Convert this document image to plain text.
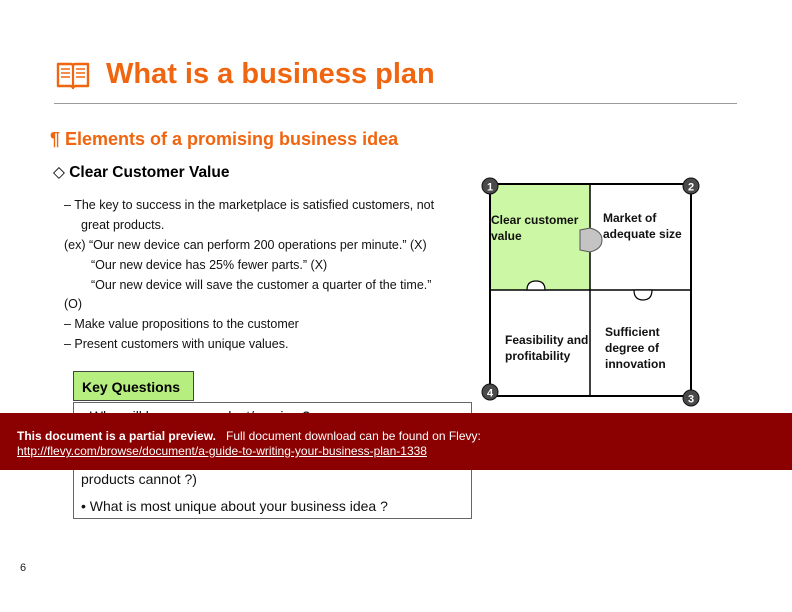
What is a business plan
¶ Elements of a promising business idea
◇ Clear Customer Value
– The key to success in the marketplace is satisfied customers, not
great products.
(ex) “Our new device can perform 200 operations per minute.” (X)
“Our new device has 25% fewer parts.” (X)
“Our new device will save the customer a quarter of the time.”
(O)
– Make value propositions to the customer
– Present customers with unique values.
products cannot ?)
• What is most unique about your business idea ?
Key Questions
1	2
3
4
Clear customer
value
Market of
adequate size
Sufficient
degree of
innovation
Feasibility and
profitability
This document is a partial preview. Full document download can be found on Flevy:
http://flevy.com/browse/document/a-guide-to-writing-your-business-plan-1338
6
